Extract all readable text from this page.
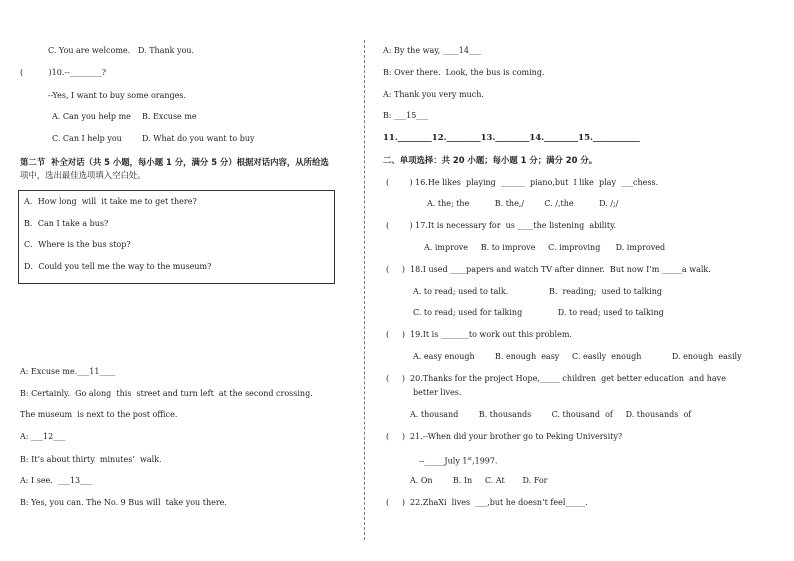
C. You are welcome. D. Thank you.
(          )10.--________?
--Yes, I want to buy some oranges.
A. Can you help me B. Excuse me
C. Can I help you	D. What do you want to buy
第二节  补全对话（共 5 小题，每小题 1 分，满分 5 分）根据对话内容，从所给选
项中，选出最佳选项填入空白处。
A．How long  will  it take me to get there?
B．Can I take a bus?
C．Where is the bus stop?
D．Could you tell me the way to the museum?
A: Excuse me.___11____
B: Certainly.  Go along  this  street and turn left  at the second crossing.
The museum  is next to the post office.
A: ___12___
B: It’s about thirty  minutes’  walk.
A: I see.  ___13___
B: Yes, you can. The No. 9 Bus will  take you there.
A: By the way, ____14___
B: Over there.  Look, the bus is coming.
A: Thank you very much.
B: ___15___
11.________12.________13.________14.________15.___________
二、单项选择：共 20 小题；每小题 1 分；满分 20 分。
(        ) 16.He likes  playing  ______  piano,but  I like  play  ___chess.
A. the; the          B. the,/        C. /,the          D. /;/
(        ) 17.It is necessary for  us ____the listening  ability.
A. improve     B. to improve     C. improving      D. improved
(     )  18.I used ____papers and watch TV after dinner.  But now I’m _____a walk.
A. to read; used to talk.                B.  reading;  used to talking
C. to read; used for talking              D. to read; used to talking
(     )  19.It is _______to work out this problem.
A. easy enough        B. enough  easy     C. easily  enough            D. enough  easily
(     )  20.Thanks for the project Hope,_____ children  get better education  and have
better lives.
A. thousand        B. thousands        C. thousand  of     D. thousands  of
(     )  21.--When did your brother go to Peking University?
--_____July 1st,1997.
A. On        B. In     C. At       D. For
(     )  22.ZhaXi  lives  ___,but he doesn’t feel_____.
